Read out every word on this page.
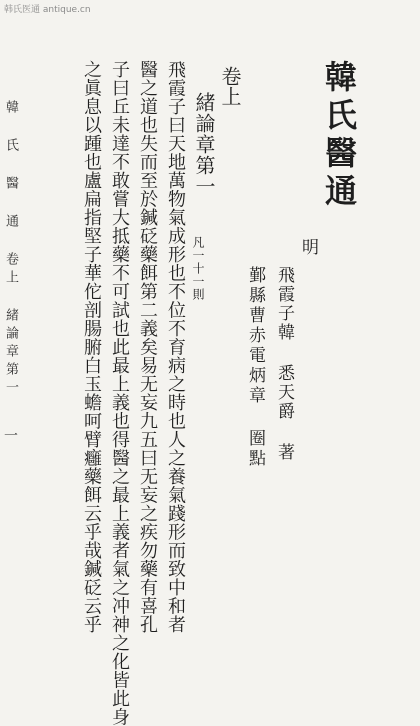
韩氏医通 antique.cn
韓氏醫通
明
飛霞子韓 悉天爵 著
鄞縣曹赤電炳章 圈點
卷上
緒論章第一
凡一十一則
飛霞子曰天地萬物氣成形也不位不育病之時也人之養氣踐形而致中和者
醫之道也失而至於鍼砭藥餌第二義矣易无妄九五曰无妄之疾勿藥有喜孔
子曰丘未達不敢嘗大抵藥不可試也此最上義也得醫之最上義者氣之冲神之化皆此身
之眞息以踵也盧扁指堅子華佗剖腸腑白玉蟾呵臂癰藥餌云乎哉鍼砭云乎
韓 氏 醫 通 卷上 緒論章第一
一
